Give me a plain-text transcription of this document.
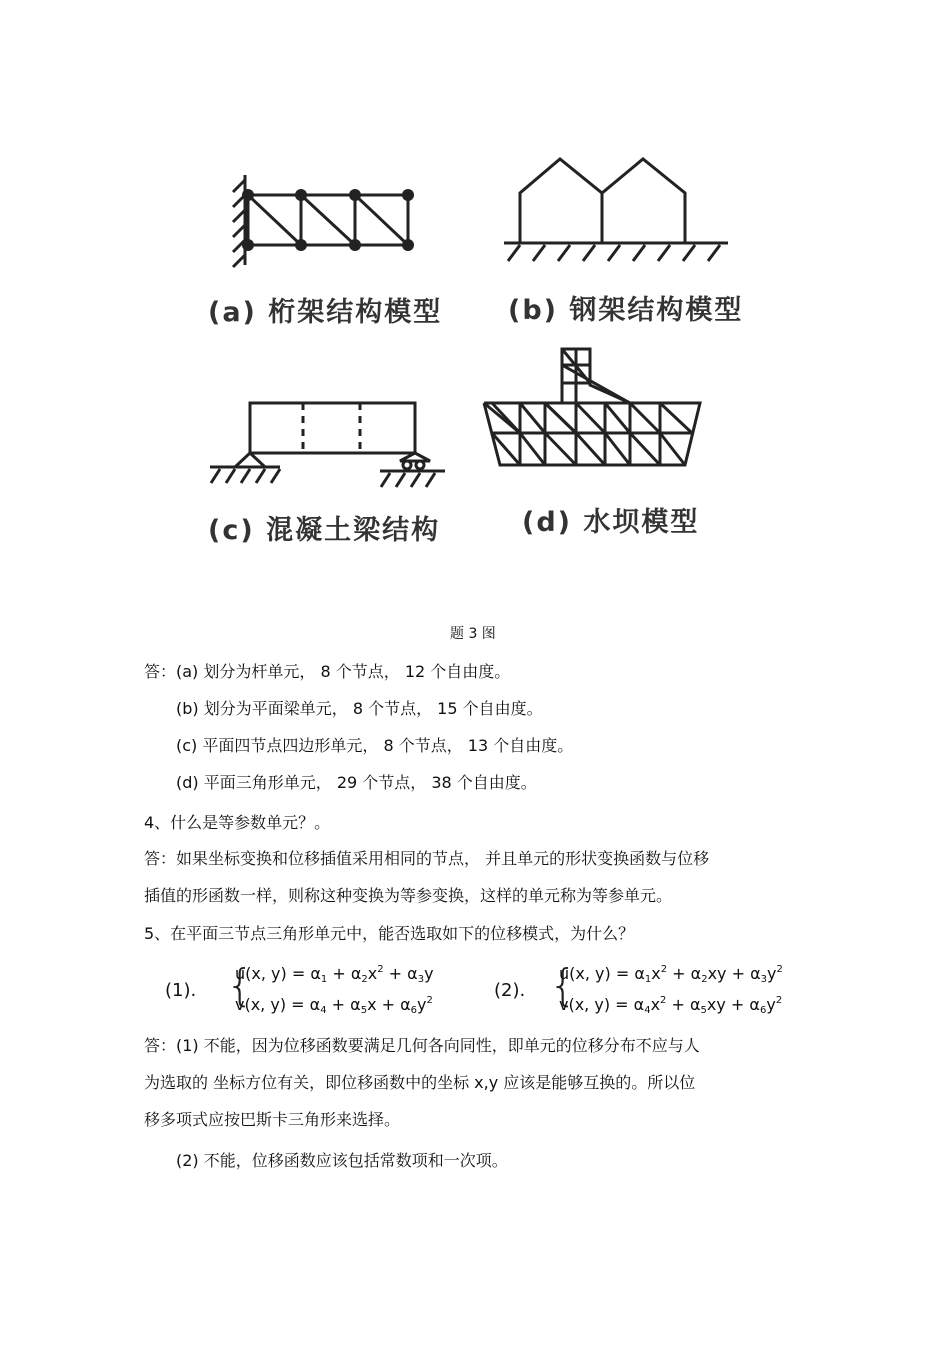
(a) 桁架结构模型 (b) 钢架结构模型
(c) 混凝土梁结构	(d) 水坝模型
题 3 图
答： (a) 划分为杆单元， 8 个节点， 12 个自由度。
(b) 划分为平面梁单元， 8 个节点， 15 个自由度。
(c) 平面四节点四边形单元， 8 个节点， 13 个自由度。
(d) 平面三角形单元， 29 个节点， 38 个自由度。
4、什么是等参数单元？。
答：如果坐标变换和位移插值采用相同的节点， 并且单元的形状变换函数与位移
插值的形函数一样，则称这种变换为等参变换，这样的单元称为等参单元。
5、在平面三节点三角形单元中，能否选取如下的位移模式，为什么？
(1). {
u(x, $y) = \alpha_1 + \alpha_2x^2 + \alpha_3y$
v(x, $y) = \alpha_4 + \alpha_5x + \alpha_6y^2$	(2). {
u(x, $y) = \alpha_1x^2 + \alpha_2xy + \alpha_3y^2$
v(x, $y) = \alpha_4x^2 + \alpha_5xy + \alpha_6y^2$
答：(1) 不能，因为位移函数要满足几何各向同性，即单元的位移分布不应与人
为选取的 坐标方位有关，即位移函数中的坐标 x,y 应该是能够互换的。所以位
移多项式应按巴斯卡三角形来选择。
(2) 不能，位移函数应该包括常数项和一次项。
